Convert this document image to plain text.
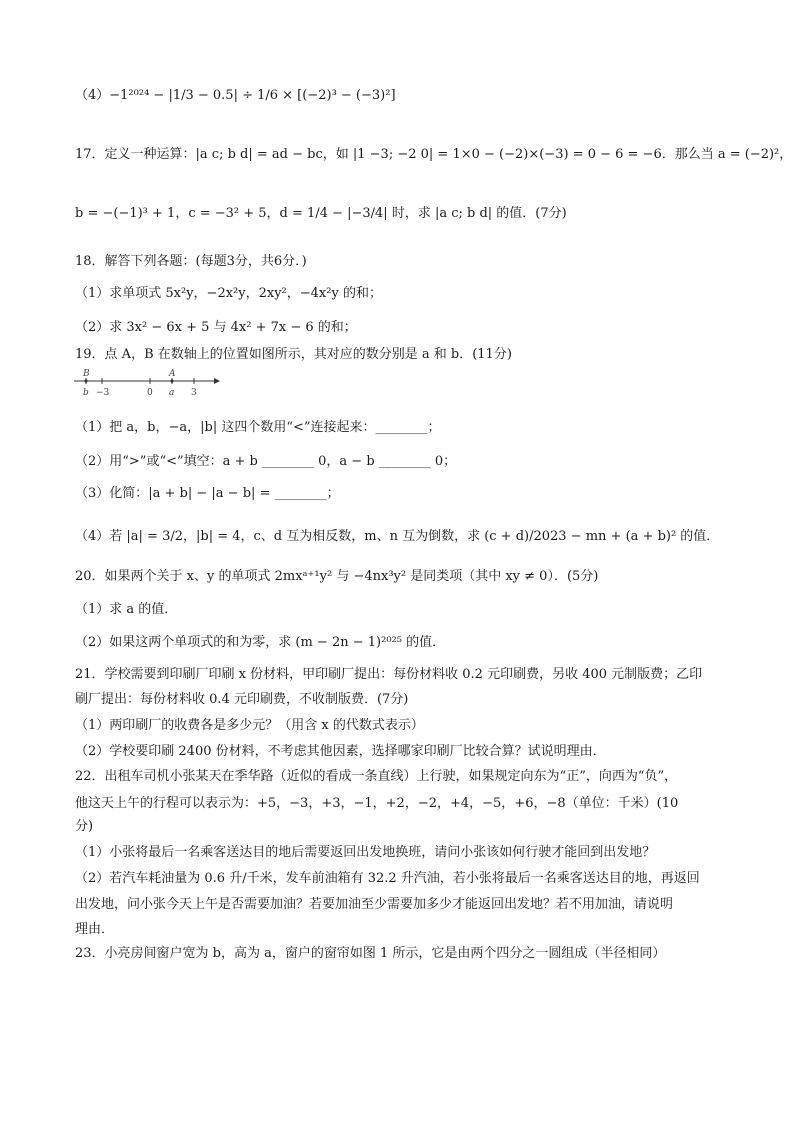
（4）−1²⁰²⁴ − |1/3 − 0.5| ÷ 1/6 × [(−2)³ − (−3)²]
17．定义一种运算：|a c; b d| = ad − bc，如 |1 −3; −2 0| = 1×0 − (−2)×(−3) = 0 − 6 = −6．那么当 a = (−2)²，
b = −(−1)³ + 1，c = −3² + 5，d = 1/4 − |−3/4| 时，求 |a c; b d| 的值．(7分)
18．解答下列各题：(每题3分，共6分．)
（1）求单项式 5x²y，−2x²y，2xy²，−4x²y 的和；
（2）求 3x² − 6x + 5 与 4x² + 7x − 6 的和；
19．点 A，B 在数轴上的位置如图所示，其对应的数分别是 a 和 b．(11分)
B	A
b −3	0 a 3
（1）把 a，b，−a，|b| 这四个数用“<”连接起来：________；
（2）用“>”或“<”填空：a + b ________ 0，a − b ________ 0；
（3）化简：|a + b| − |a − b| = ________；
（4）若 |a| = 3/2，|b| = 4，c、d 互为相反数，m、n 互为倒数，求 (c + d)/2023 − mn + (a + b)² 的值．
20．如果两个关于 x、y 的单项式 2mxᵃ⁺¹y² 与 −4nx³y² 是同类项（其中 xy ≠ 0）．(5分)
（1）求 a 的值．
（2）如果这两个单项式的和为零，求 (m − 2n − 1)²⁰²⁵ 的值．
21．学校需要到印刷厂印刷 x 份材料，甲印刷厂提出：每份材料收 0.2 元印刷费，另收 400 元制版费；乙印
刷厂提出：每份材料收 0.4 元印刷费，不收制版费．(7分)
（1）两印刷厂的收费各是多少元？（用含 x 的代数式表示）
（2）学校要印刷 2400 份材料，不考虑其他因素，选择哪家印刷厂比较合算？试说明理由．
22．出租车司机小张某天在季华路（近似的看成一条直线）上行驶，如果规定向东为“正”，向西为“负”，
他这天上午的行程可以表示为：+5，−3，+3，−1，+2，−2，+4，−5，+6，−8（单位：千米）(10
分)
（1）小张将最后一名乘客送达目的地后需要返回出发地换班，请问小张该如何行驶才能回到出发地？
（2）若汽车耗油量为 0.6 升/千米，发车前油箱有 32.2 升汽油，若小张将最后一名乘客送达目的地，再返回
出发地，问小张今天上午是否需要加油？若要加油至少需要加多少才能返回出发地？若不用加油，请说明
理由．
23．小亮房间窗户宽为 b，高为 a，窗户的窗帘如图 1 所示，它是由两个四分之一圆组成（半径相同）
